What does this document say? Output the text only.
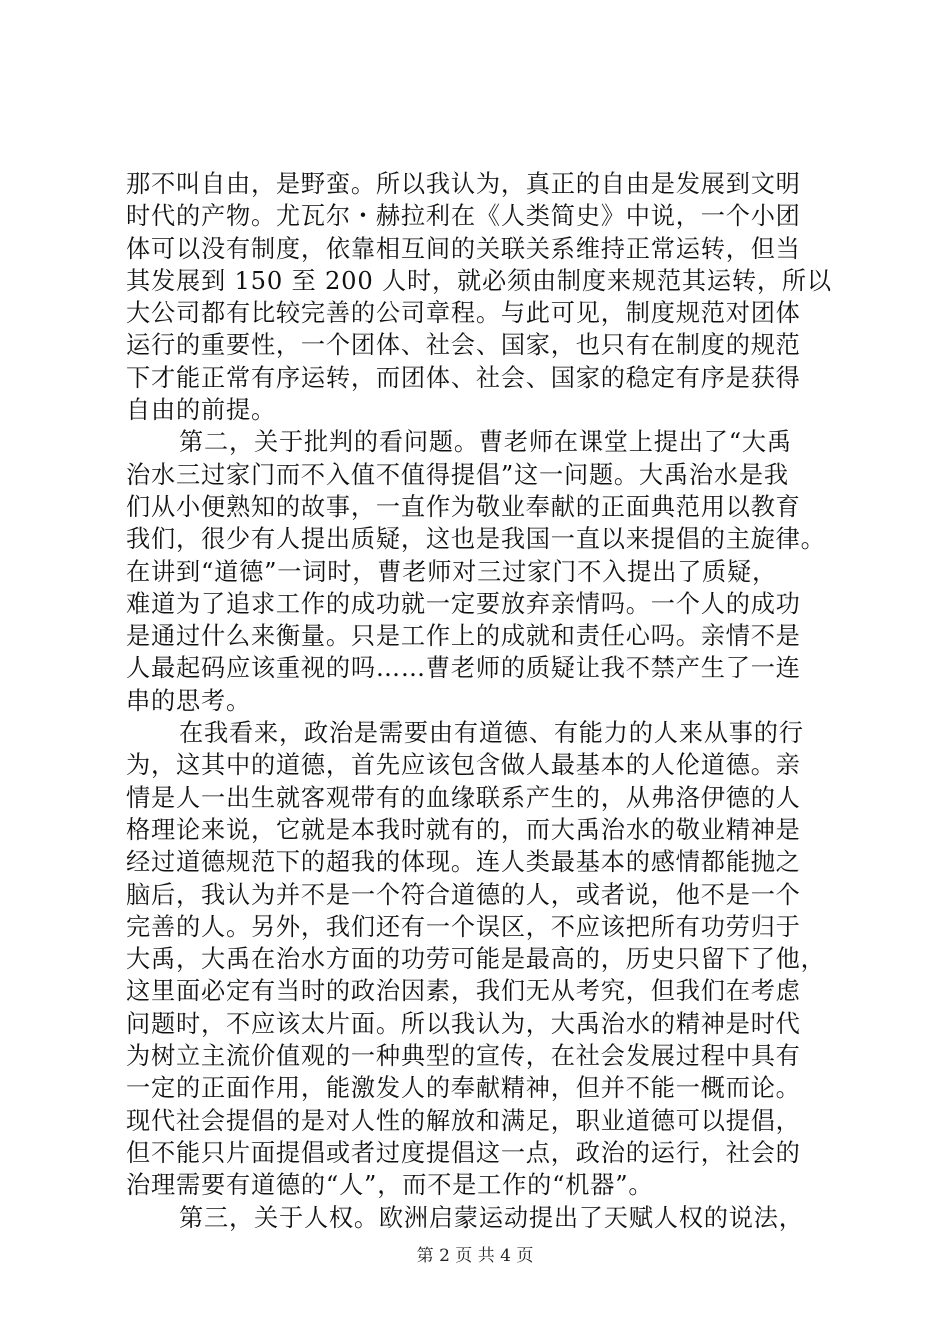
那不叫自由，是野蛮。所以我认为，真正的自由是发展到文明
时代的产物。尤瓦尔・赫拉利在《人类简史》中说，一个小团
体可以没有制度，依靠相互间的关联关系维持正常运转，但当
其发展到 150 至 200 人时，就必须由制度来规范其运转，所以
大公司都有比较完善的公司章程。与此可见，制度规范对团体
运行的重要性，一个团体、社会、国家，也只有在制度的规范
下才能正常有序运转，而团体、社会、国家的稳定有序是获得
自由的前提。

第二，关于批判的看问题。曹老师在课堂上提出了“大禹
治水三过家门而不入值不值得提倡”这一问题。大禹治水是我
们从小便熟知的故事，一直作为敬业奉献的正面典范用以教育
我们，很少有人提出质疑，这也是我国一直以来提倡的主旋律。
在讲到“道德”一词时，曹老师对三过家门不入提出了质疑，
难道为了追求工作的成功就一定要放弃亲情吗。一个人的成功
是通过什么来衡量。只是工作上的成就和责任心吗。亲情不是
人最起码应该重视的吗……曹老师的质疑让我不禁产生了一连
串的思考。

在我看来，政治是需要由有道德、有能力的人来从事的行
为，这其中的道德，首先应该包含做人最基本的人伦道德。亲
情是人一出生就客观带有的血缘联系产生的，从弗洛伊德的人
格理论来说，它就是本我时就有的，而大禹治水的敬业精神是
经过道德规范下的超我的体现。连人类最基本的感情都能抛之
脑后，我认为并不是一个符合道德的人，或者说，他不是一个
完善的人。另外，我们还有一个误区，不应该把所有功劳归于
大禹，大禹在治水方面的功劳可能是最高的，历史只留下了他，
这里面必定有当时的政治因素，我们无从考究，但我们在考虑
问题时，不应该太片面。所以我认为，大禹治水的精神是时代
为树立主流价值观的一种典型的宣传，在社会发展过程中具有
一定的正面作用，能激发人的奉献精神，但并不能一概而论。
现代社会提倡的是对人性的解放和满足，职业道德可以提倡，
但不能只片面提倡或者过度提倡这一点，政治的运行，社会的
治理需要有道德的“人”，而不是工作的“机器”。

第三，关于人权。欧洲启蒙运动提出了天赋人权的说法，

第 2 页 共 4 页
